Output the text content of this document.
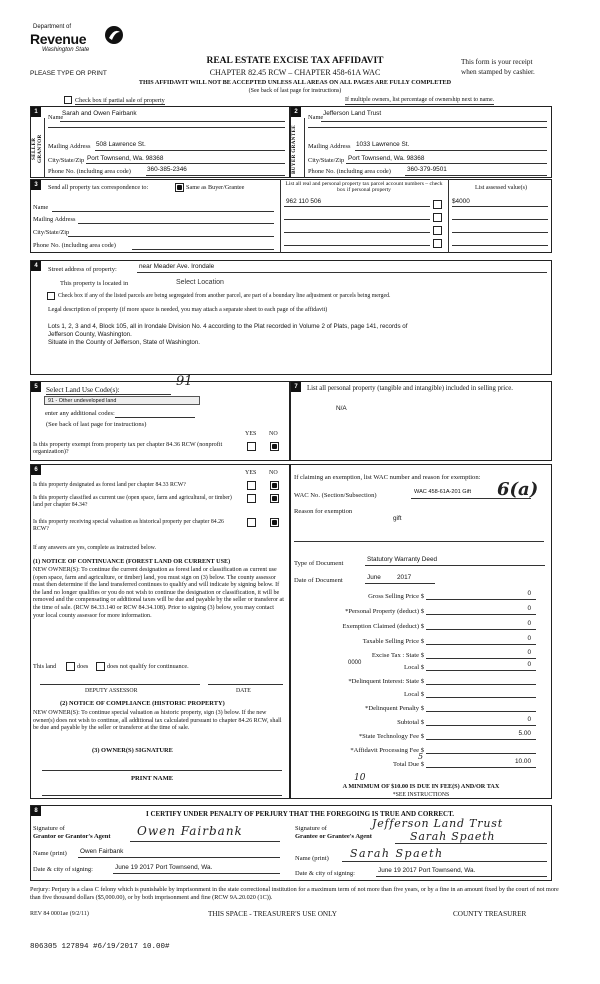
Department of
Revenue
Washington State
PLEASE TYPE OR PRINT
REAL ESTATE EXCISE TAX AFFIDAVIT
CHAPTER 82.45 RCW – CHAPTER 458-61A WAC
THIS AFFIDAVIT WILL NOT BE ACCEPTED UNLESS ALL AREAS ON ALL PAGES ARE FULLY COMPLETED
(See back of last page for instructions)
This form is your receipt
when stamped by cashier.
Check box if partial sale of property	If multiple owners, list percentage of ownership next to name.
1	2
SELLER GRANTOR	BUYER GRANTEE
Name
Sarah and Owen Fairbank
Mailing Address 508 Lawrence St.
City/State/Zip Port Townsend, Wa. 98368
Phone No. (including area code)	360-385-2346
Name
Jefferson Land Trust
Mailing Address 1033 Lawrence St.
City/State/Zip Port Townsend, Wa. 98368
Phone No. (including area code)	360-379-9501
3	Send all property tax correspondence to:	Same as Buyer/Grantee
Name
Mailing Address
City/State/Zip
Phone No. (including area code)
List all real and personal property tax parcel account numbers – check box if personal property	List assessed value(s)
962 110 506	$4000
4	Street address of property:	near Meader Ave. Irondale
This property is located in	Select Location
Check box if any of the listed parcels are being segregated from another parcel, are part of a boundary line adjustment or parcels being merged.
Legal description of property (if more space is needed, you may attach a separate sheet to each page of the affidavit)
Lots 1, 2, 3 and 4, Block 105, all in Irondale Division No. 4 according to the Plat recorded in Volume 2 of Plats, page 141, records of
Jefferson County, Washington.
Situate in the County of Jefferson, State of Washington.
5	7
Select Land Use Code(s):
91
91 - Other undeveloped land
enter any additional codes:
(See back of last page for instructions)
YES NO
Is this property exempt from property tax per chapter 84.36 RCW (nonprofit organization)?
List all personal property (tangible and intangible) included in selling price.
N/A
6	YES NO
Is this property designated as forest land per chapter 84.33 RCW?
Is this property classified as current use (open space, farm and agricultural, or timber) land per chapter 84.34?
Is this property receiving special valuation as historical property per chapter 84.26 RCW?
If any answers are yes, complete as instructed below.
(1) NOTICE OF CONTINUANCE (FOREST LAND OR CURRENT USE)
NEW OWNER(S): To continue the current designation as forest land or classification as current use (open space, farm and agriculture, or timber) land, you must sign on (3) below. The county assessor must then determine if the land transferred continues to qualify and will indicate by signing below. If the land no longer qualifies or you do not wish to continue the designation or classification, it will be removed and the compensating or additional taxes will be due and payable by the seller or transferor at the time of sale. (RCW 84.33.140 or RCW 84.34.108). Prior to signing (3) below, you may contact your local county assessor for more information.
This land	does	does not qualify for continuance.
DEPUTY ASSESSOR	DATE
(2) NOTICE OF COMPLIANCE (HISTORIC PROPERTY)
NEW OWNER(S): To continue special valuation as historic property, sign (3) below. If the new owner(s) does not wish to continue, all additional tax calculated pursuant to chapter 84.26 RCW, shall be due and payable by the seller or transferor at the time of sale.
(3) OWNER(S) SIGNATURE
PRINT NAME
If claiming an exemption, list WAC number and reason for exemption:
WAC No. (Section/Subsection)	WAC 458-61A-201 Gift 6(a)
Reason for exemption
gift
Type of Document
Statutory Warranty Deed
Date of Document	June	2017
Gross Selling Price $	0
*Personal Property (deduct) $	0
Exemption Claimed (deduct) $	0
Taxable Selling Price $	0
Excise Tax : State $	0
0000
Local $	0
*Delinquent Interest: State $
Local $
*Delinquent Penalty $
Subtotal $	0
*State Technology Fee $	5.00
*Affidavit Processing Fee $
5
Total Due $	10.00
A MINIMUM OF $10.00 IS DUE IN FEE(S) AND/OR TAX
10
*SEE INSTRUCTIONS
8	I CERTIFY UNDER PENALTY OF PERJURY THAT THE FOREGOING IS TRUE AND CORRECT.
Signature of
Grantor or Grantor's Agent Owen Fairbank
Name (print) Owen Fairbank
Date & city of signing:	June 19 2017 Port Townsend, Wa.
Signature of
Grantee or Grantee's Agent
Jefferson Land Trust
Sarah Spaeth
Name (print) Sarah Spaeth
Date & city of signing:	June 19 2017 Port Townsend, Wa.
Perjury: Perjury is a class C felony which is punishable by imprisonment in the state correctional institution for a maximum term of not more than five years, or by a fine in an amount fixed by the court of not more than five thousand dollars ($5,000.00), or by both imprisonment and fine (RCW 9A.20.020 (1C)).
REV 84 0001ae (9/2/11)	THIS SPACE - TREASURER'S USE ONLY	COUNTY TREASURER
806305 127894 #6/19/2017 10.00#
